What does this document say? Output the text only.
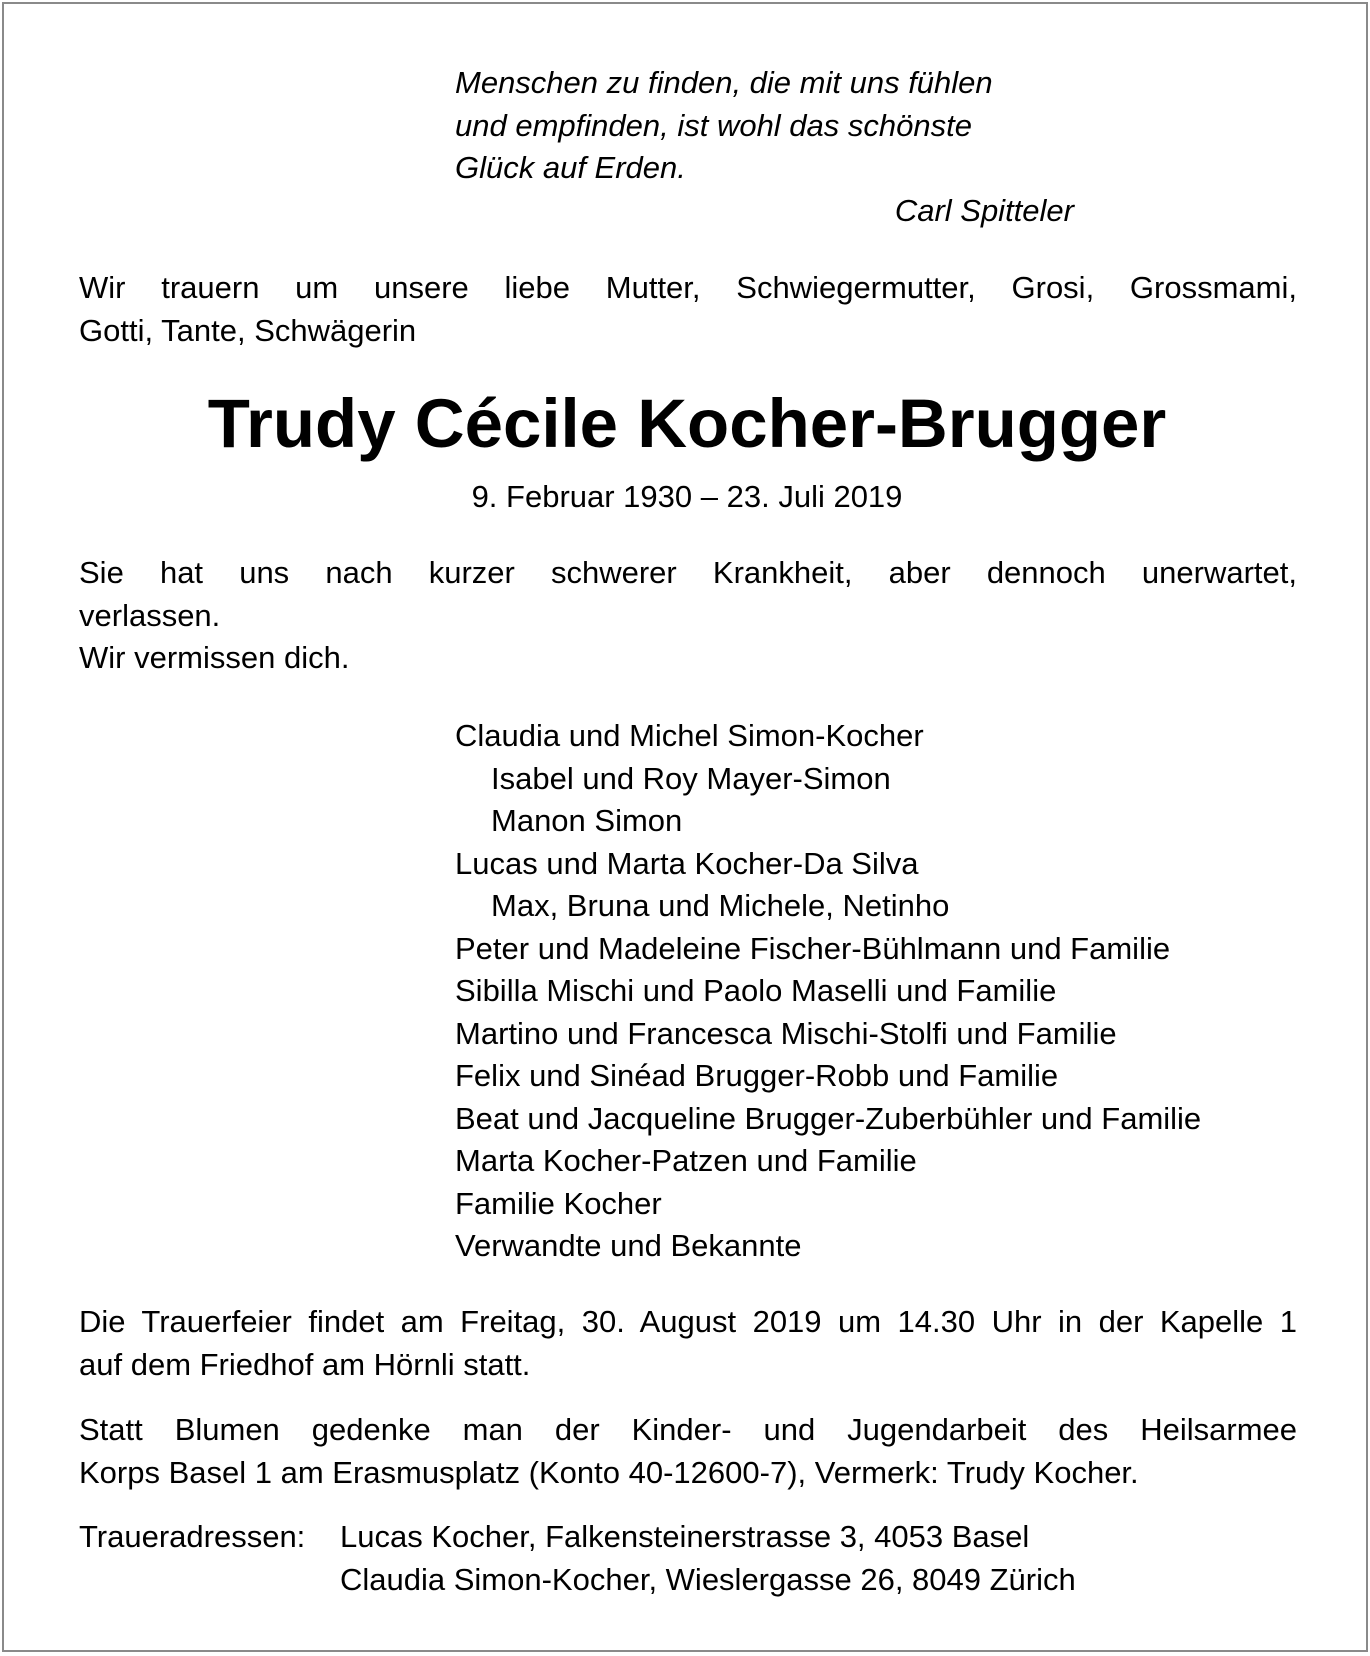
Menschen zu finden, die mit uns fühlen
und empfinden, ist wohl das schönste
Glück auf Erden.
Carl Spitteler
Wir trauern um unsere liebe Mutter, Schwiegermutter, Grosi, Grossmami,
Gotti, Tante, Schwägerin
Trudy Cécile Kocher-Brugger
9. Februar 1930 – 23. Juli 2019
Sie hat uns nach kurzer schwerer Krankheit, aber dennoch unerwartet,
verlassen.
Wir vermissen dich.
Claudia und Michel Simon-Kocher
Isabel und Roy Mayer-Simon
Manon Simon
Lucas und Marta Kocher-Da Silva
Max, Bruna und Michele, Netinho
Peter und Madeleine Fischer-Bühlmann und Familie
Sibilla Mischi und Paolo Maselli und Familie
Martino und Francesca Mischi-Stolfi und Familie
Felix und Sinéad Brugger-Robb und Familie
Beat und Jacqueline Brugger-Zuberbühler und Familie
Marta Kocher-Patzen und Familie
Familie Kocher
Verwandte und Bekannte
Die Trauerfeier findet am Freitag, 30. August 2019 um 14.30 Uhr in der Kapelle 1
auf dem Friedhof am Hörnli statt.
Statt Blumen gedenke man der Kinder- und Jugendarbeit des Heilsarmee
Korps Basel 1 am Erasmusplatz (Konto 40-12600-7), Vermerk: Trudy Kocher.
Traueradressen: Lucas Kocher, Falkensteinerstrasse 3, 4053 Basel
Claudia Simon-Kocher, Wieslergasse 26, 8049 Zürich
